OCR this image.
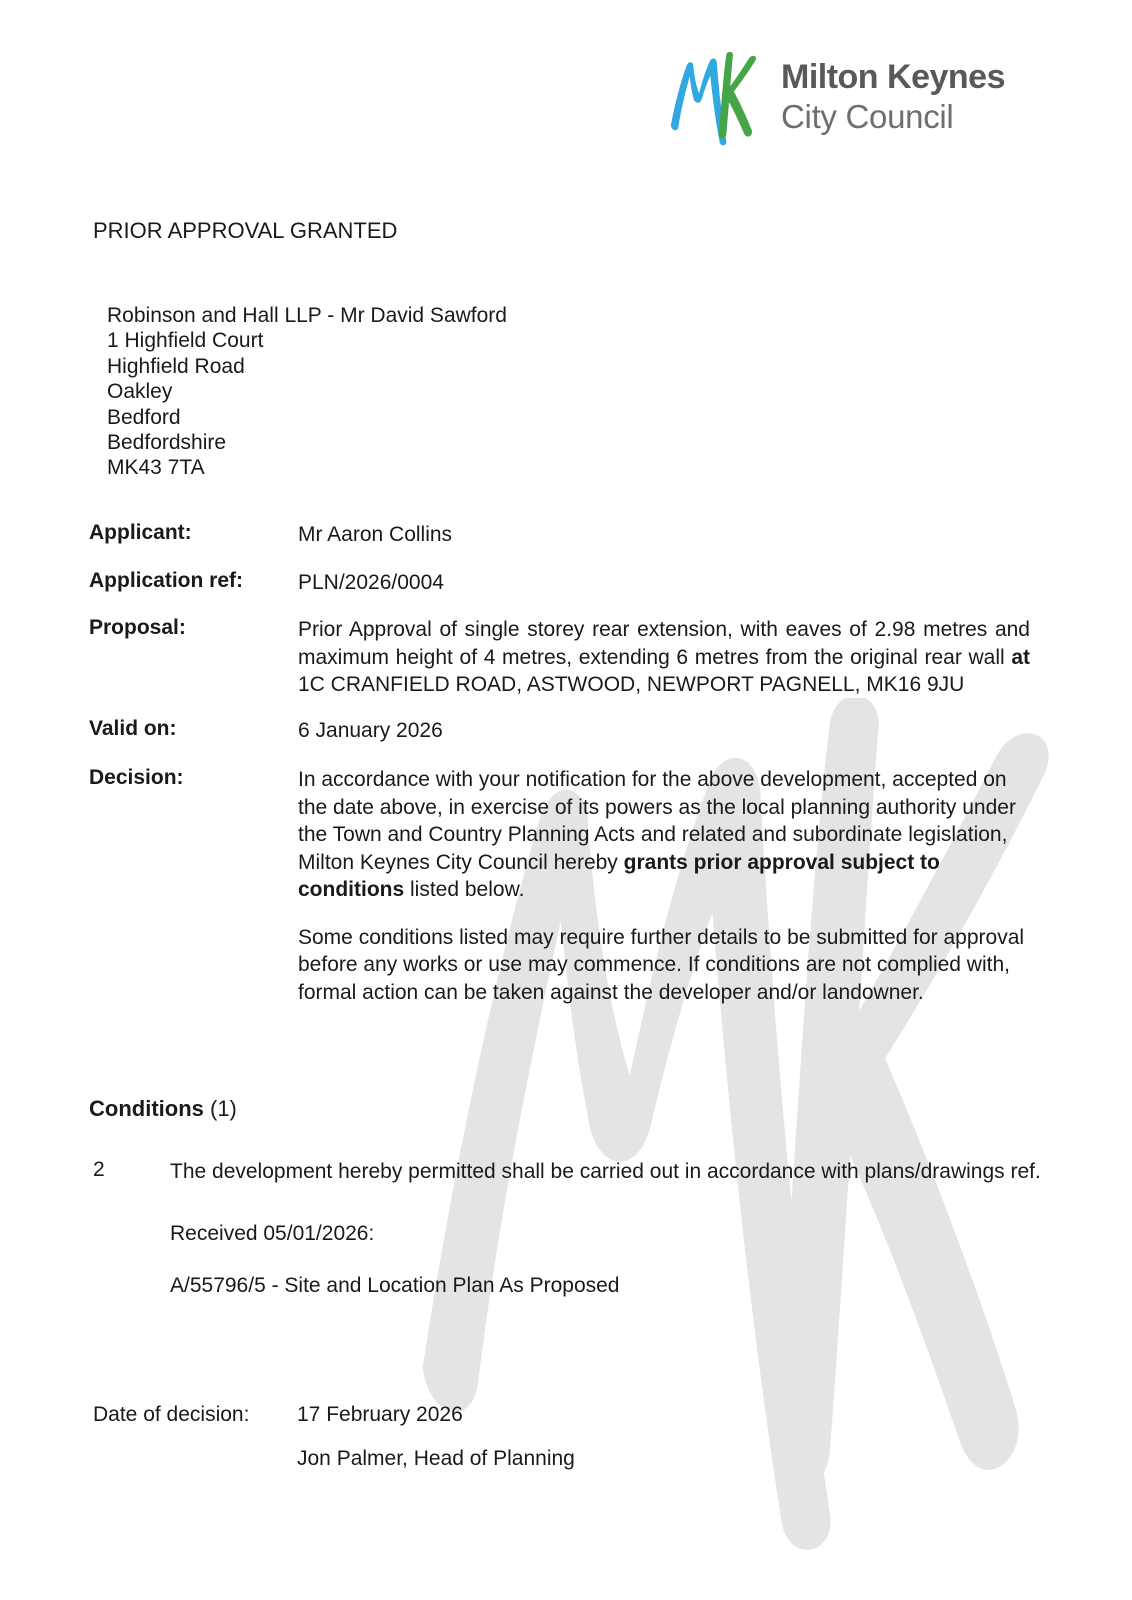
Milton Keynes
City Council
PRIOR APPROVAL GRANTED
Robinson and Hall LLP - Mr David Sawford
1 Highfield Court
Highfield Road
Oakley
Bedford
Bedfordshire
MK43 7TA
Applicant:	Mr Aaron Collins
Application ref:	PLN/2026/0004
Proposal:	Prior Approval of single storey rear extension, with eaves of 2.98 metres and maximum height of 4 metres, extending 6 metres from the original rear wall at 1C CRANFIELD ROAD, ASTWOOD, NEWPORT PAGNELL, MK16 9JU
Valid on:	6 January 2026
Decision:	In accordance with your notification for the above development, accepted on the date above, in exercise of its powers as the local planning authority under the Town and Country Planning Acts and related and subordinate legislation, Milton Keynes City Council hereby grants prior approval subject to conditions listed below.
Some conditions listed may require further details to be submitted for approval before any works or use may commence. If conditions are not complied with, formal action can be taken against the developer and/or landowner.
Conditions (1)
2	The development hereby permitted shall be carried out in accordance with plans/drawings ref.
Received 05/01/2026:
A/55796/5 - Site and Location Plan As Proposed
Date of decision: 17 February 2026
Jon Palmer, Head of Planning
